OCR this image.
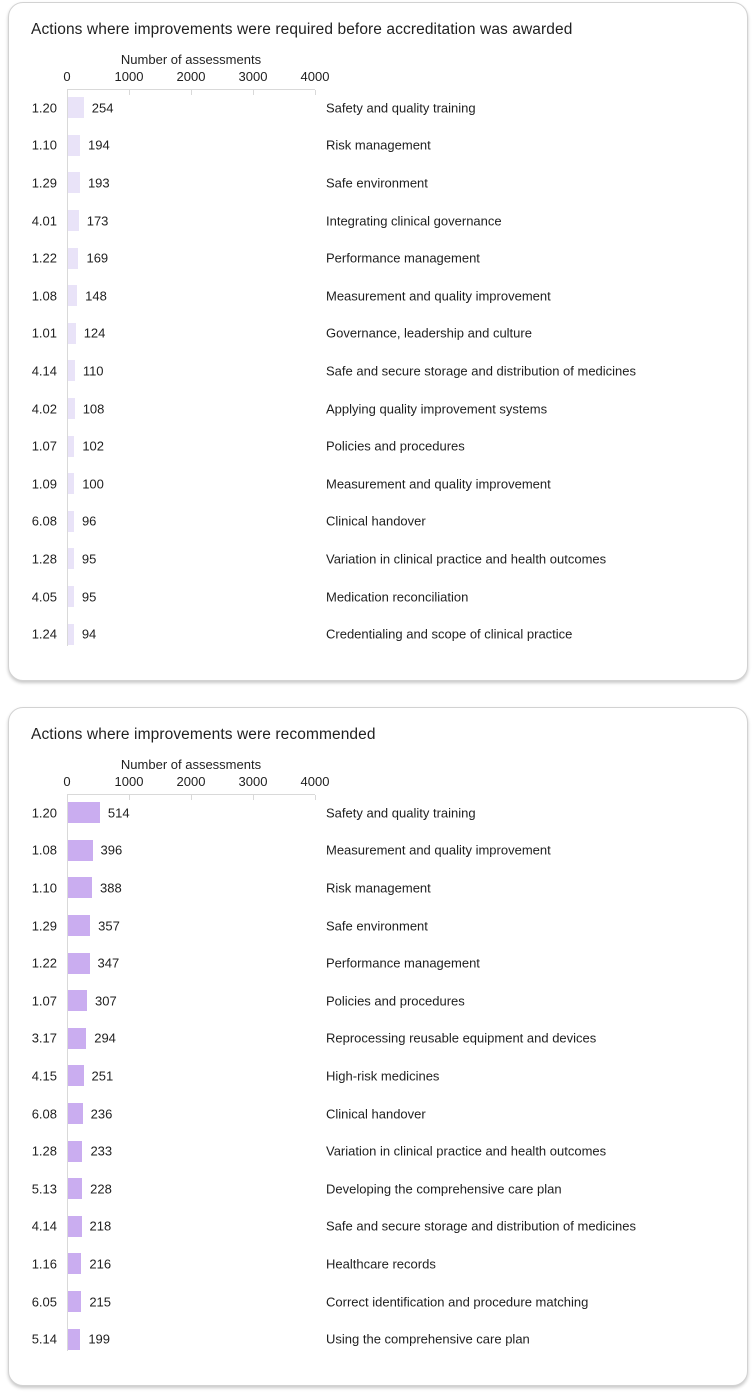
Actions where improvements were required before accreditation was awarded
Number of assessments
0	1000	2000	3000	4000
1.20	254	Safety and quality training
1.10 194	Risk management
1.29 193	Safe environment
4.01 173	Integrating clinical governance
1.22 169	Performance management
1.08 148	Measurement and quality improvement
1.01 124	Governance, leadership and culture
4.14 110	Safe and secure storage and distribution of medicines
4.02 108	Applying quality improvement systems
1.07 102	Policies and procedures
1.09 100	Measurement and quality improvement
6.08 96	Clinical handover
1.28 95	Variation in clinical practice and health outcomes
4.05 95	Medication reconciliation
1.24 94	Credentialing and scope of clinical practice
Actions where improvements were recommended
Number of assessments
0	1000	2000	3000	4000
1.20	514	Safety and quality training
1.08	396	Measurement and quality improvement
1.10	388	Risk management
1.29	357	Safe environment
1.22	347	Performance management
1.07	307	Policies and procedures
3.17	294	Reprocessing reusable equipment and devices
4.15	251	High-risk medicines
6.08	236	Clinical handover
1.28	233	Variation in clinical practice and health outcomes
5.13	228	Developing the comprehensive care plan
4.14	218	Safe and secure storage and distribution of medicines
1.16 216	Healthcare records
6.05 215	Correct identification and procedure matching
5.14 199	Using the comprehensive care plan
